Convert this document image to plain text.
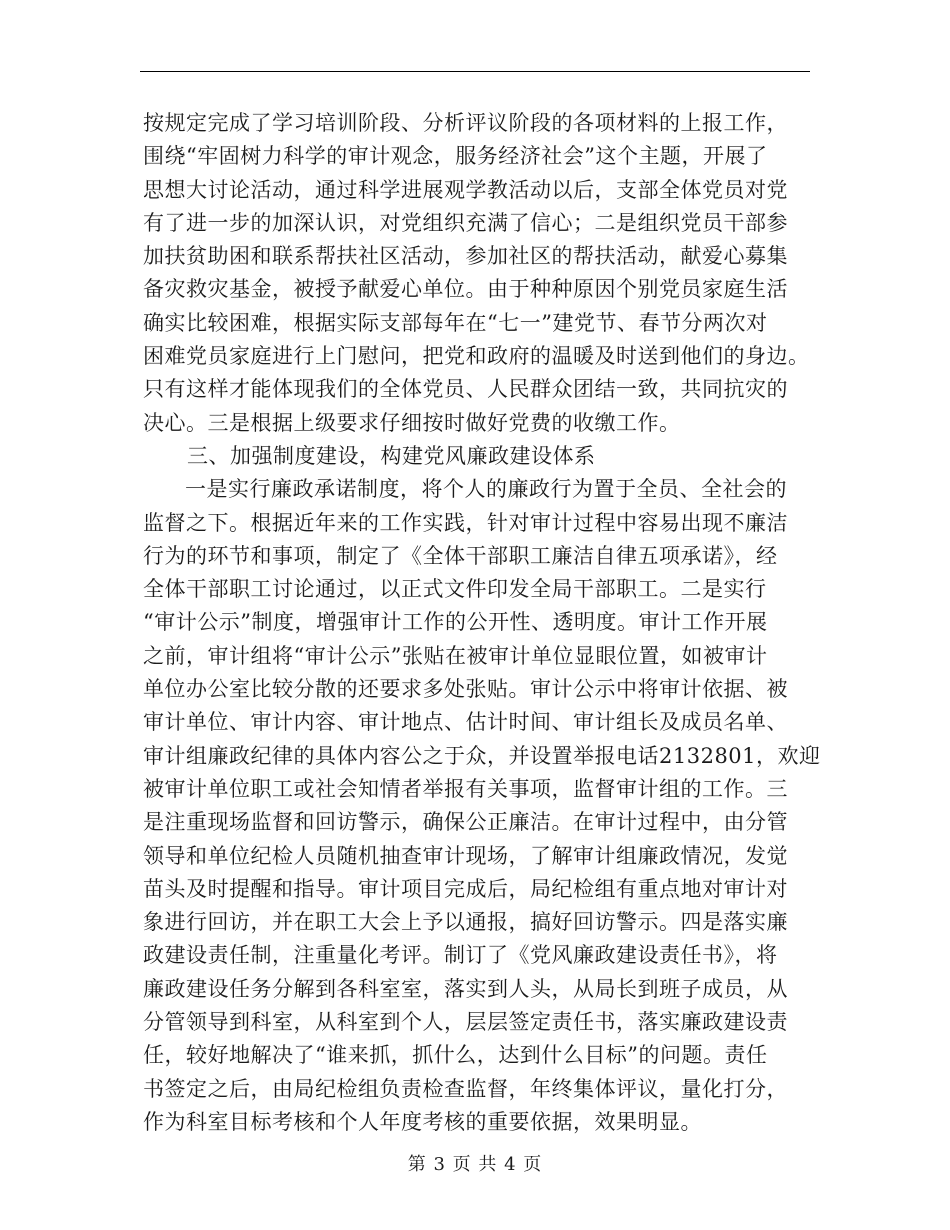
按规定完成了学习培训阶段、分析评议阶段的各项材料的上报工作，
围绕“牢固树力科学的审计观念，服务经济社会”这个主题，开展了
思想大讨论活动，通过科学进展观学教活动以后，支部全体党员对党
有了进一步的加深认识，对党组织充满了信心；二是组织党员干部参
加扶贫助困和联系帮扶社区活动，参加社区的帮扶活动，献爱心募集
备灾救灾基金，被授予献爱心单位。由于种种原因个别党员家庭生活
确实比较困难，根据实际支部每年在“七一”建党节、春节分两次对
困难党员家庭进行上门慰问，把党和政府的温暖及时送到他们的身边。
只有这样才能体现我们的全体党员、人民群众团结一致，共同抗灾的
决心。三是根据上级要求仔细按时做好党费的收缴工作。
三、加强制度建设，构建党风廉政建设体系
一是实行廉政承诺制度，将个人的廉政行为置于全员、全社会的
监督之下。根据近年来的工作实践，针对审计过程中容易出现不廉洁
行为的环节和事项，制定了《全体干部职工廉洁自律五项承诺》，经
全体干部职工讨论通过，以正式文件印发全局干部职工。二是实行
“审计公示”制度，增强审计工作的公开性、透明度。审计工作开展
之前，审计组将“审计公示”张贴在被审计单位显眼位置，如被审计
单位办公室比较分散的还要求多处张贴。审计公示中将审计依据、被
审计单位、审计内容、审计地点、估计时间、审计组长及成员名单、
审计组廉政纪律的具体内容公之于众，并设置举报电话2132801，欢迎
被审计单位职工或社会知情者举报有关事项，监督审计组的工作。三
是注重现场监督和回访警示，确保公正廉洁。在审计过程中，由分管
领导和单位纪检人员随机抽查审计现场，了解审计组廉政情况，发觉
苗头及时提醒和指导。审计项目完成后，局纪检组有重点地对审计对
象进行回访，并在职工大会上予以通报，搞好回访警示。四是落实廉
政建设责任制，注重量化考评。制订了《党风廉政建设责任书》，将
廉政建设任务分解到各科室室，落实到人头，从局长到班子成员，从
分管领导到科室，从科室到个人，层层签定责任书，落实廉政建设责
任，较好地解决了“谁来抓，抓什么，达到什么目标”的问题。责任
书签定之后，由局纪检组负责检查监督，年终集体评议，量化打分，
作为科室目标考核和个人年度考核的重要依据，效果明显。
第 3 页 共 4 页
